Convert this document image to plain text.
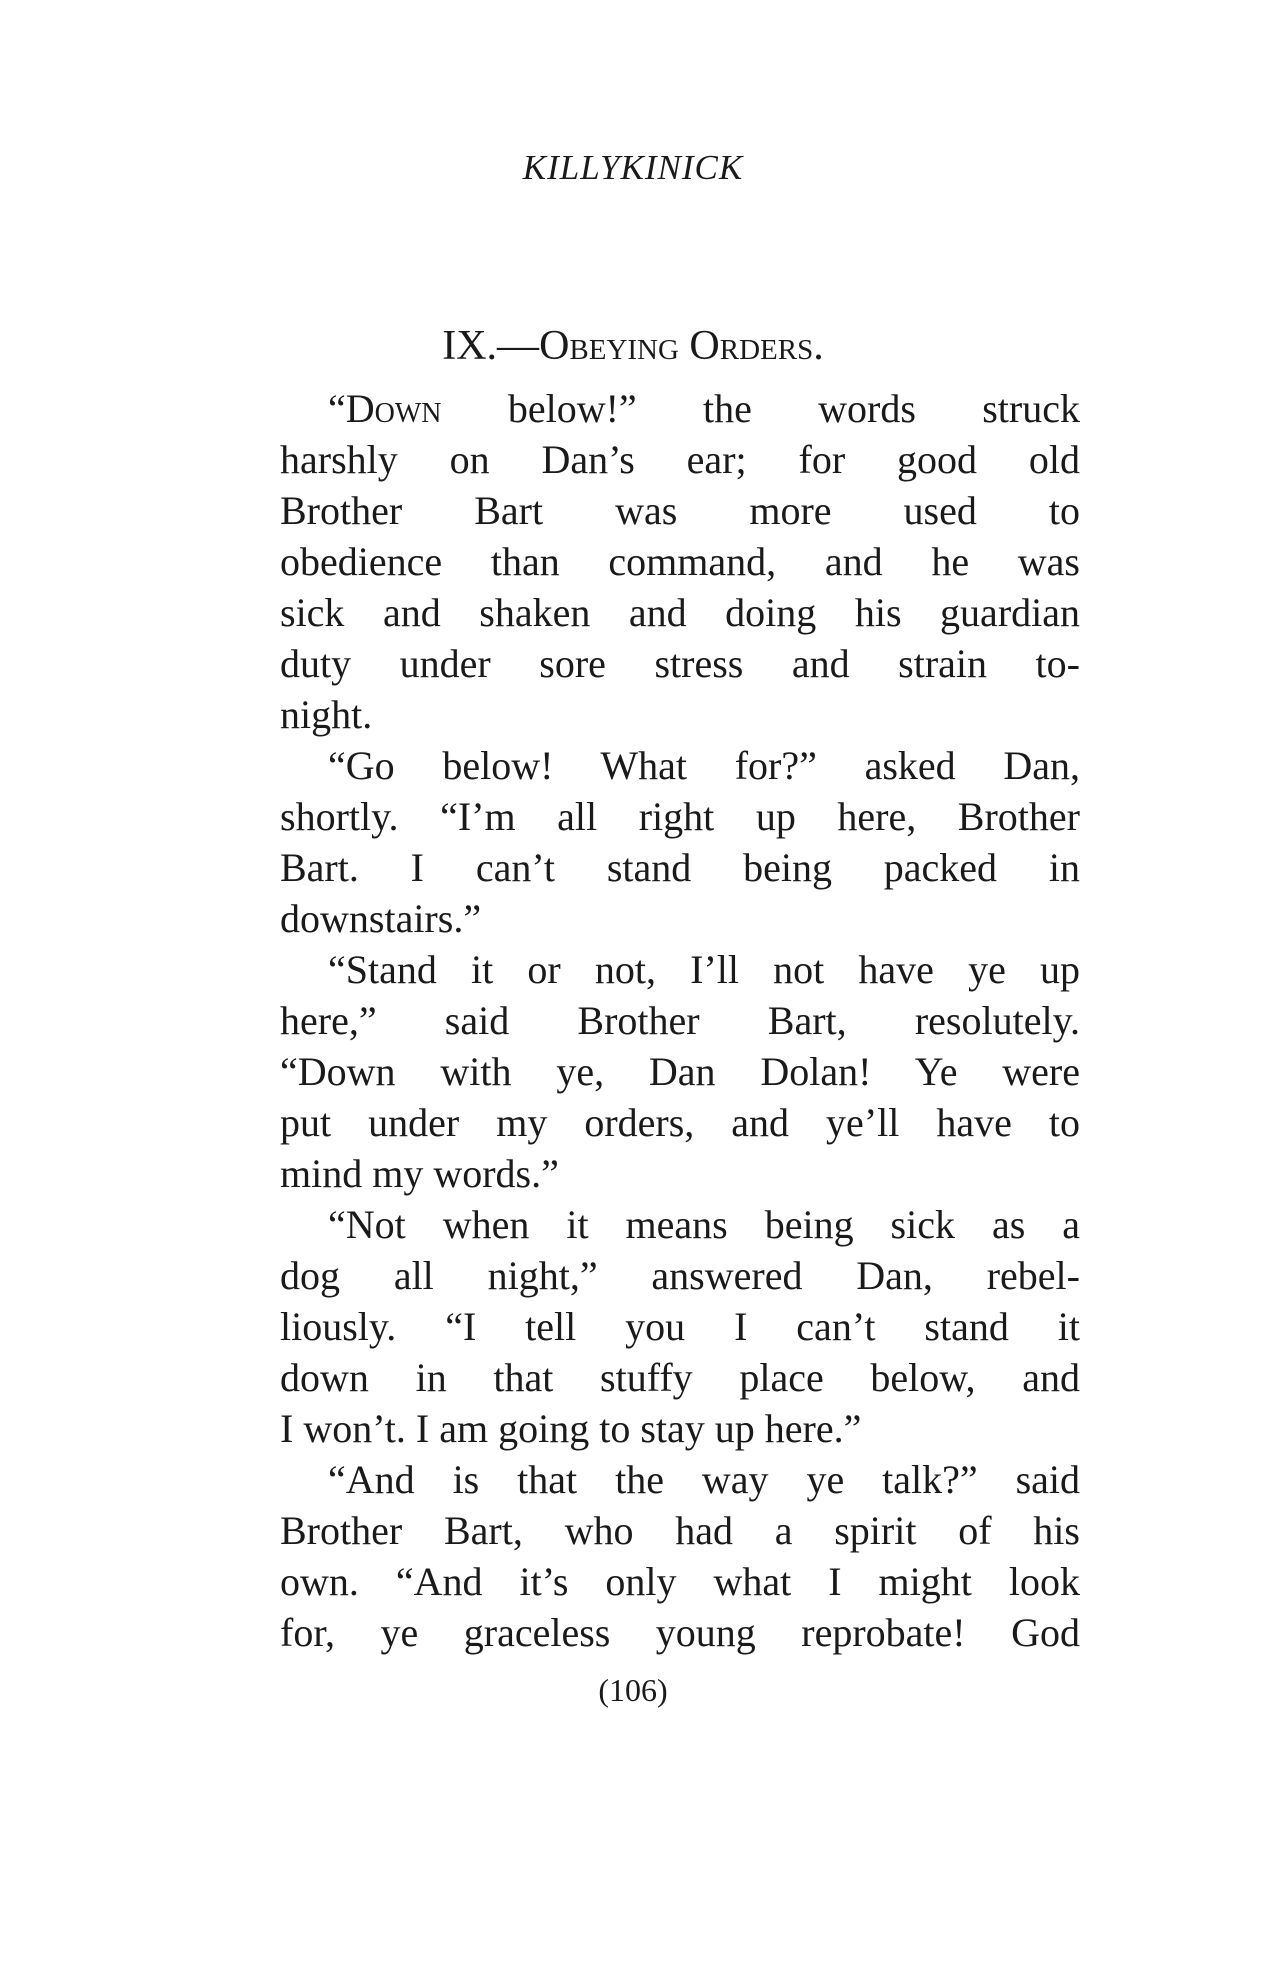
KILLYKINICK
IX.—Obeying Orders.
“Down below!” the words struck
harshly on Dan’s ear; for good old
Brother Bart was more used to
obedience than command, and he was
sick and shaken and doing his guardian
duty under sore stress and strain to-
night.
“Go below! What for?” asked Dan,
shortly. “I’m all right up here, Brother
Bart. I can’t stand being packed in
downstairs.”
“Stand it or not, I’ll not have ye up
here,” said Brother Bart, resolutely.
“Down with ye, Dan Dolan! Ye were
put under my orders, and ye’ll have to
mind my words.”
“Not when it means being sick as a
dog all night,” answered Dan, rebel-
liously. “I tell you I can’t stand it
down in that stuffy place below, and
I won’t. I am going to stay up here.”
“And is that the way ye talk?” said
Brother Bart, who had a spirit of his
own. “And it’s only what I might look
for, ye graceless young reprobate! God
(106)
